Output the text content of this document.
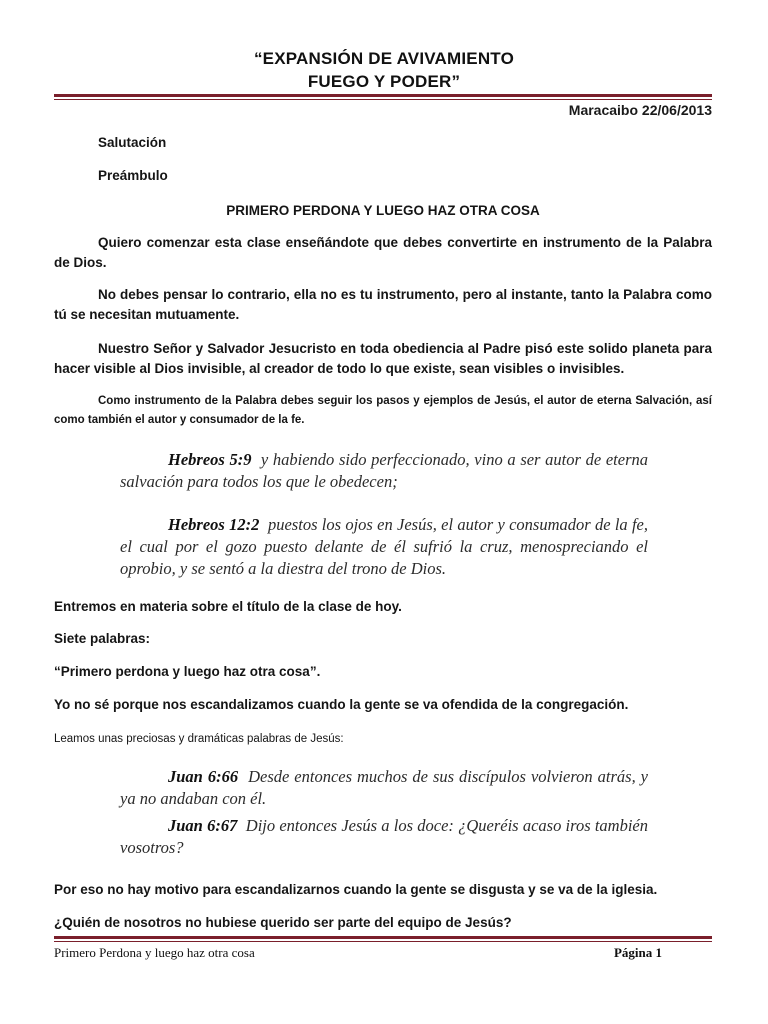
“EXPANSIÓN DE AVIVAMIENTO
FUEGO Y PODER”
Maracaibo 22/06/2013
Salutación
Preámbulo
PRIMERO PERDONA Y LUEGO HAZ OTRA COSA
Quiero comenzar esta clase enseñándote que debes convertirte en instrumento de la Palabra de Dios.
No debes pensar lo contrario, ella no es tu instrumento, pero al instante, tanto la Palabra como tú se necesitan mutuamente.
Nuestro Señor y Salvador Jesucristo en toda obediencia al Padre pisó este solido planeta para hacer visible al Dios invisible, al creador de todo lo que existe, sean visibles o invisibles.
Como instrumento de la Palabra debes seguir los pasos y ejemplos de Jesús, el autor de eterna Salvación, así como también el autor y consumador de la fe.
Hebreos 5:9 y habiendo sido perfeccionado, vino a ser autor de eterna salvación para todos los que le obedecen;
Hebreos 12:2 puestos los ojos en Jesús, el autor y consumador de la fe, el cual por el gozo puesto delante de él sufrió la cruz, menospreciando el oprobio, y se sentó a la diestra del trono de Dios.
Entremos en materia sobre el título de la clase de hoy.
Siete palabras:
“Primero perdona y luego haz otra cosa”.
Yo no sé porque nos escandalizamos cuando la gente se va ofendida de la congregación.
Leamos unas preciosas y dramáticas palabras de Jesús:
Juan 6:66 Desde entonces muchos de sus discípulos volvieron atrás, y ya no andaban con él.
Juan 6:67 Dijo entonces Jesús a los doce: ¿Queréis acaso iros también vosotros?
Por eso no hay motivo para escandalizarnos cuando la gente se disgusta y se va de la iglesia.
¿Quién de nosotros no hubiese querido ser parte del equipo de Jesús?
Primero Perdona y luego haz otra cosa	Página 1
